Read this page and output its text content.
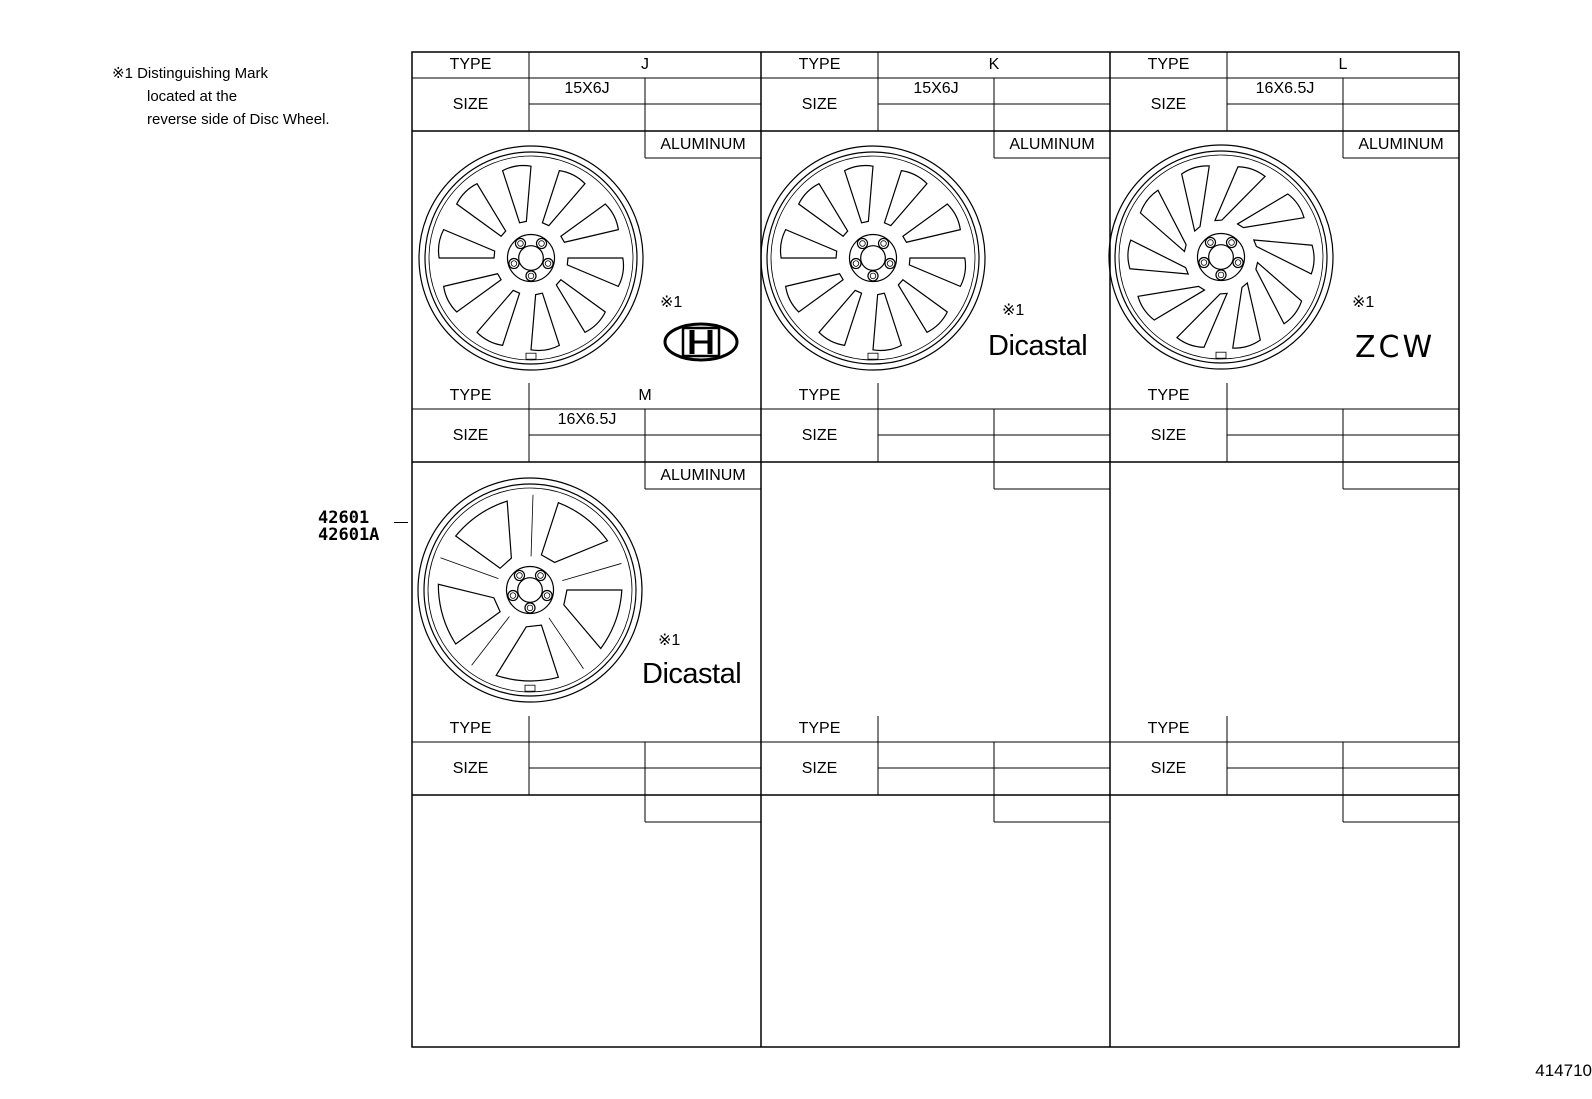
※1 Distinguishing Mark
located at the
reverse side of Disc Wheel.
42601
42601A
414710
TYPE
SIZE
J
15X6J
ALUMINUM
TYPE
SIZE
K
15X6J
ALUMINUM
TYPE
SIZE
L
16X6.5J
ALUMINUM
TYPE
SIZE
M
16X6.5J
ALUMINUM
TYPE
SIZE
TYPE
SIZE
TYPE
SIZE
TYPE
SIZE
TYPE
SIZE
※1	※1
Dicastal
※1
ZCW
※1
Dicastal
